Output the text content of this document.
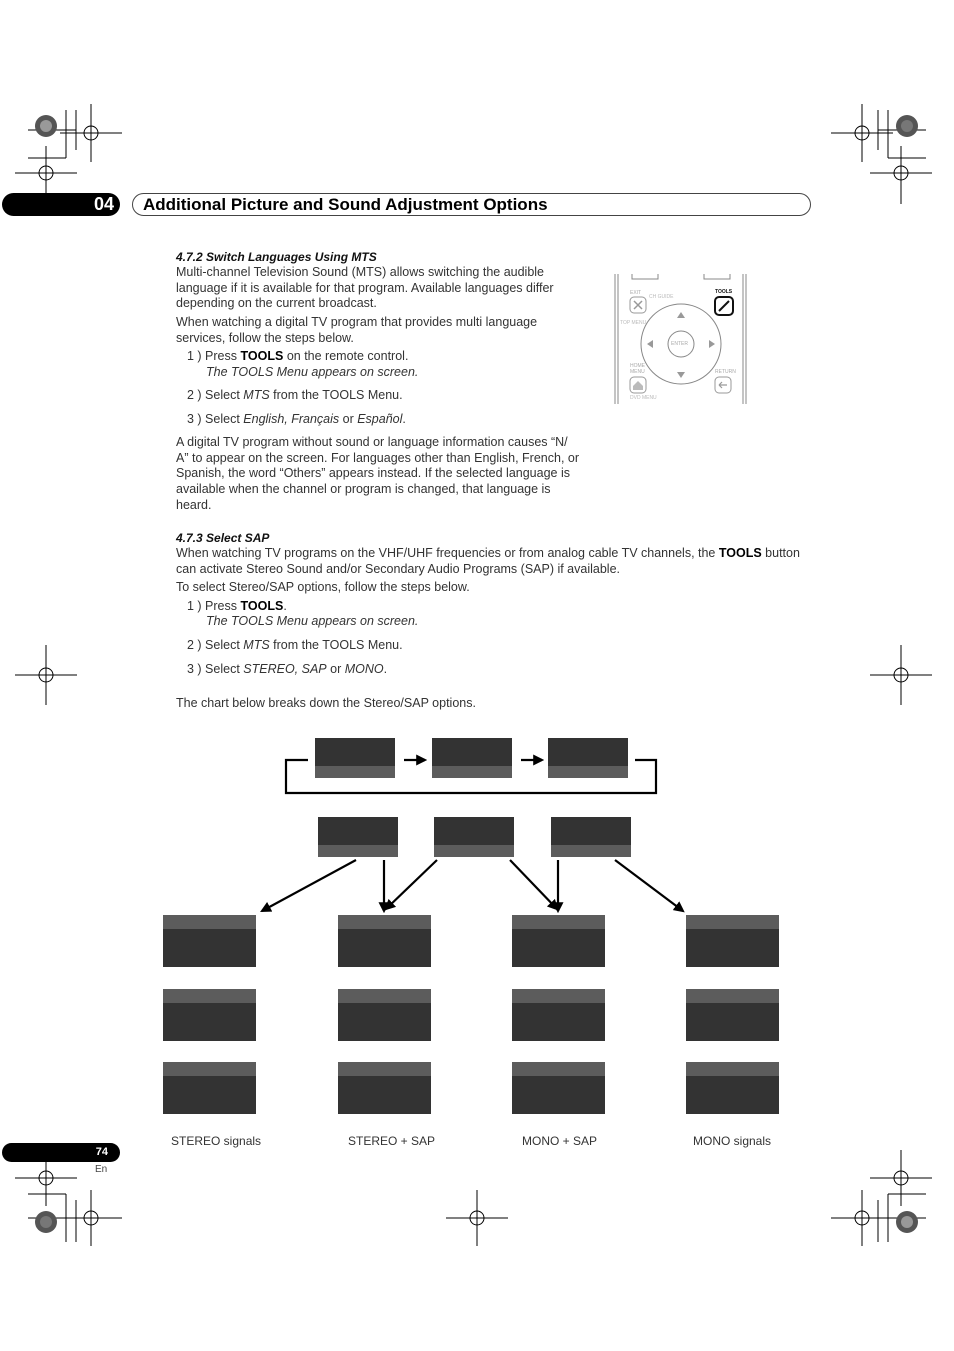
04	Additional Picture and Sound Adjustment Options
4.7.2 Switch Languages Using MTS
Multi-channel Television Sound (MTS) allows switching the audible
language if it is available for that program. Available languages differ
depending on the current broadcast.
When watching a digital TV program that provides multi language
services, follow the steps below.
1 ) Press TOOLS on the remote control.
The TOOLS Menu appears on screen.
2 ) Select MTS from the TOOLS Menu.
3 ) Select English, Français or Español.
A digital TV program without sound or language information causes “N/
A” to appear on the screen. For languages other than English, French, or
Spanish, the word “Others” appears instead. If the selected language is
available when the channel or program is changed, that language is
heard.
EXIT
CH GUIDE
TOOLS
TOP MENU
ENTER
HOME MENU	RETURN
DVD MENU
4.7.3 Select SAP
When watching TV programs on the VHF/UHF frequencies or from analog cable TV channels, the TOOLS button
can activate Stereo Sound and/or Secondary Audio Programs (SAP) if available.
To select Stereo/SAP options, follow the steps below.
1 ) Press TOOLS.
The TOOLS Menu appears on screen.
2 ) Select MTS from the TOOLS Menu.
3 ) Select STEREO, SAP or MONO.
The chart below breaks down the Stereo/SAP options.
STEREO signals	STEREO + SAP	MONO + SAP	MONO signals
74
En
